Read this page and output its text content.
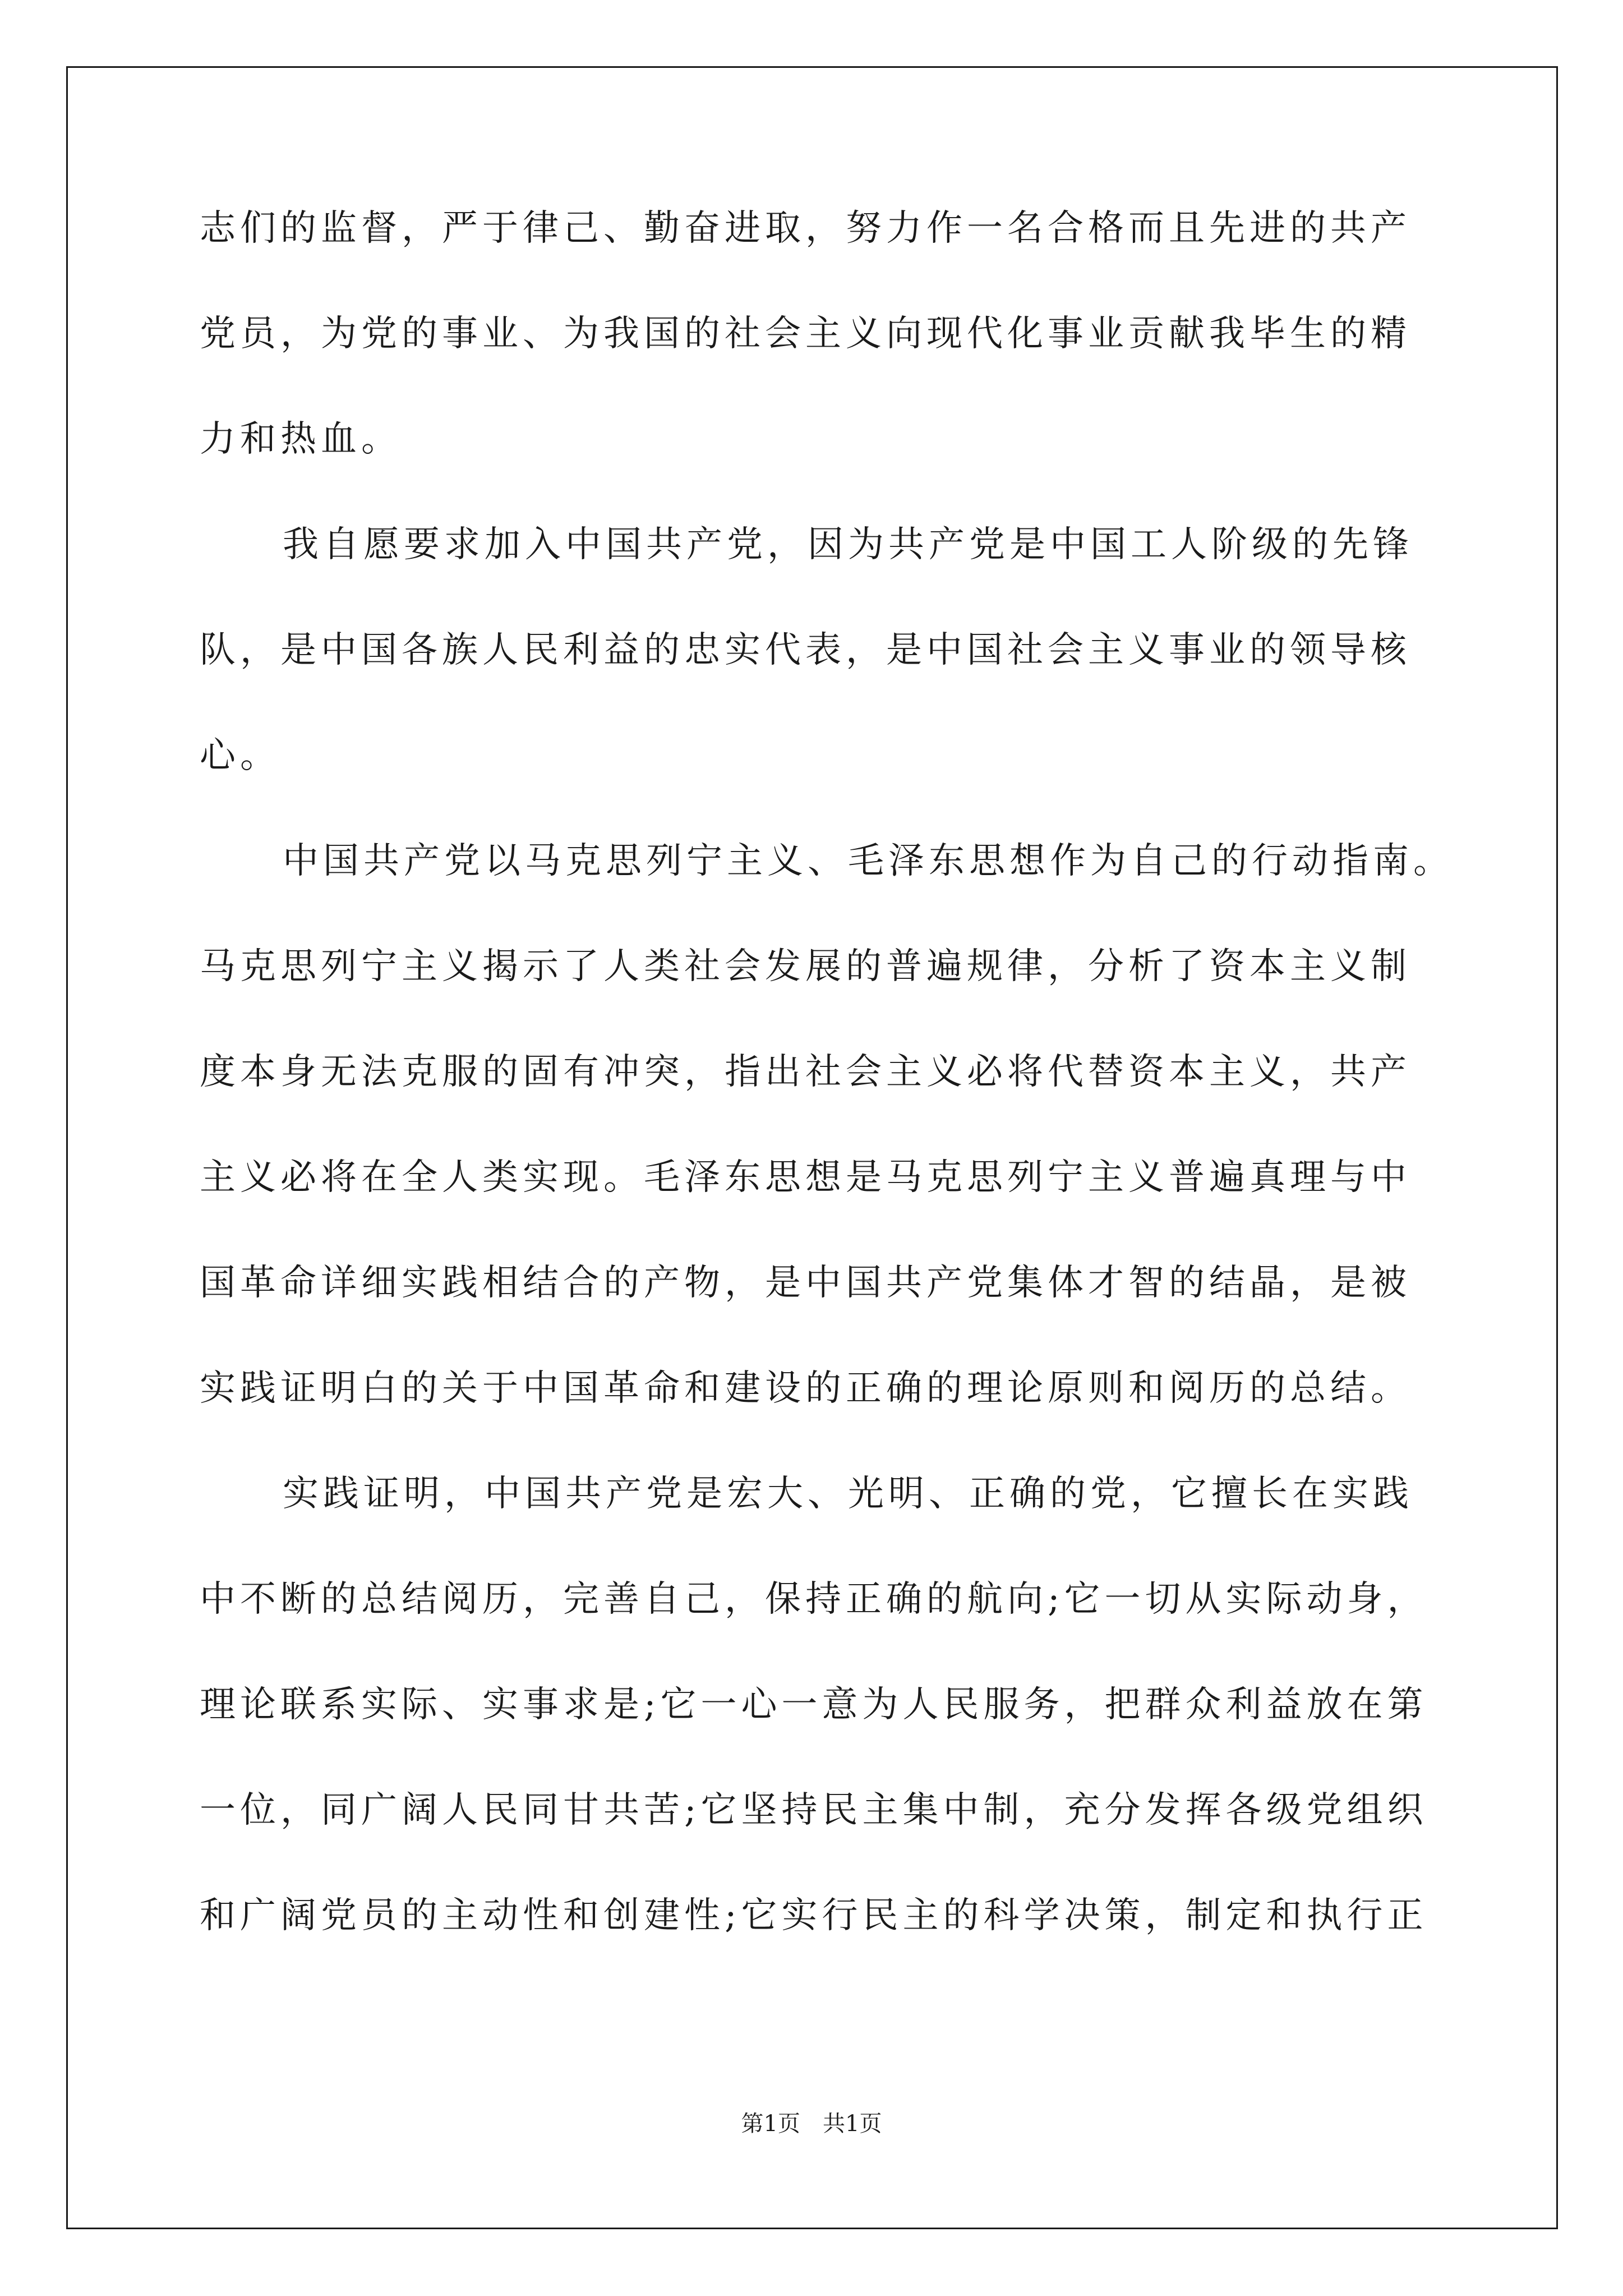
志们的监督，严于律己、勤奋进取，努力作一名合格而且先进的共产
党员，为党的事业、为我国的社会主义向现代化事业贡献我毕生的精
力和热血。
我自愿要求加入中国共产党，因为共产党是中国工人阶级的先锋
队，是中国各族人民利益的忠实代表，是中国社会主义事业的领导核
心。
中国共产党以马克思列宁主义、毛泽东思想作为自己的行动指南。
马克思列宁主义揭示了人类社会发展的普遍规律，分析了资本主义制
度本身无法克服的固有冲突，指出社会主义必将代替资本主义，共产
主义必将在全人类实现。毛泽东思想是马克思列宁主义普遍真理与中
国革命详细实践相结合的产物，是中国共产党集体才智的结晶，是被
实践证明白的关于中国革命和建设的正确的理论原则和阅历的总结。
实践证明，中国共产党是宏大、光明、正确的党，它擅长在实践
中不断的总结阅历，完善自己，保持正确的航向;它一切从实际动身，
理论联系实际、实事求是;它一心一意为人民服务，把群众利益放在第
一位，同广阔人民同甘共苦;它坚持民主集中制，充分发挥各级党组织
和广阔党员的主动性和创建性;它实行民主的科学决策，制定和执行正
第1页　共1页
